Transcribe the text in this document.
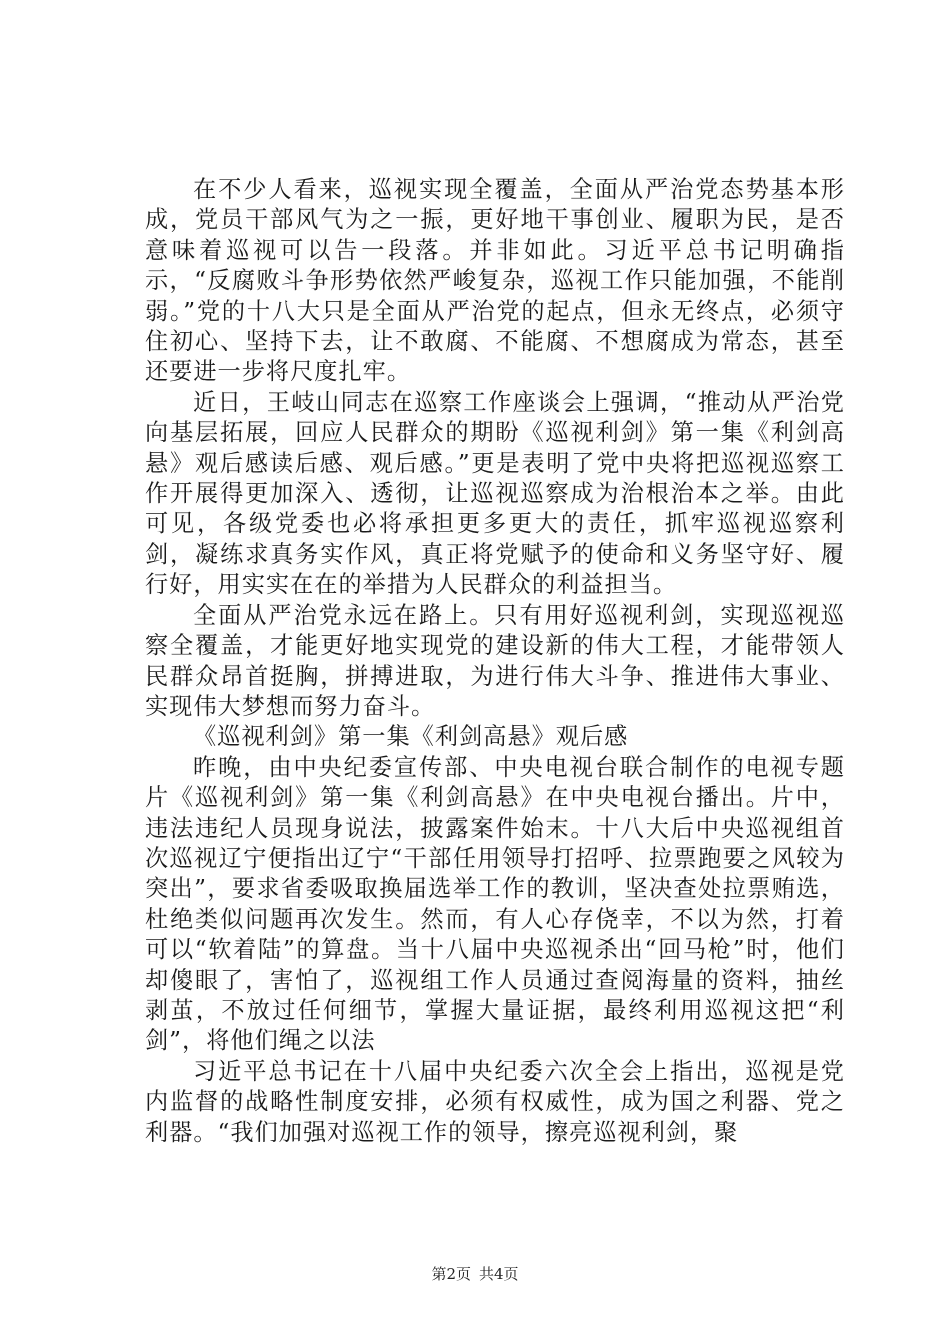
在不少人看来，巡视实现全覆盖，全面从严治党态势基本形成，党员干部风气为之一振，更好地干事创业、履职为民，是否意味着巡视可以告一段落。并非如此。习近平总书记明确指示，“反腐败斗争形势依然严峻复杂，巡视工作只能加强，不能削弱。”党的十八大只是全面从严治党的起点，但永无终点，必须守住初心、坚持下去，让不敢腐、不能腐、不想腐成为常态，甚至还要进一步将尺度扎牢。

近日，王岐山同志在巡察工作座谈会上强调，“推动从严治党向基层拓展，回应人民群众的期盼《巡视利剑》第一集《利剑高悬》观后感读后感、观后感。”更是表明了党中央将把巡视巡察工作开展得更加深入、透彻，让巡视巡察成为治根治本之举。由此可见，各级党委也必将承担更多更大的责任，抓牢巡视巡察利剑，凝练求真务实作风，真正将党赋予的使命和义务坚守好、履行好，用实实在在的举措为人民群众的利益担当。

全面从严治党永远在路上。只有用好巡视利剑，实现巡视巡察全覆盖，才能更好地实现党的建设新的伟大工程，才能带领人民群众昂首挺胸，拼搏进取，为进行伟大斗争、推进伟大事业、实现伟大梦想而努力奋斗。

《巡视利剑》第一集《利剑高悬》观后感

昨晚，由中央纪委宣传部、中央电视台联合制作的电视专题片《巡视利剑》第一集《利剑高悬》在中央电视台播出。片中，违法违纪人员现身说法，披露案件始末。十八大后中央巡视组首次巡视辽宁便指出辽宁“干部任用领导打招呼、拉票跑要之风较为突出”，要求省委吸取换届选举工作的教训，坚决查处拉票贿选，杜绝类似问题再次发生。然而，有人心存侥幸，不以为然，打着可以“软着陆”的算盘。当十八届中央巡视杀出“回马枪”时，他们却傻眼了，害怕了，巡视组工作人员通过查阅海量的资料，抽丝剥茧，不放过任何细节，掌握大量证据，最终利用巡视这把“利剑”，将他们绳之以法

习近平总书记在十八届中央纪委六次全会上指出，巡视是党内监督的战略性制度安排，必须有权威性，成为国之利器、党之利器。“我们加强对巡视工作的领导，擦亮巡视利剑，聚

第2页 共4页
